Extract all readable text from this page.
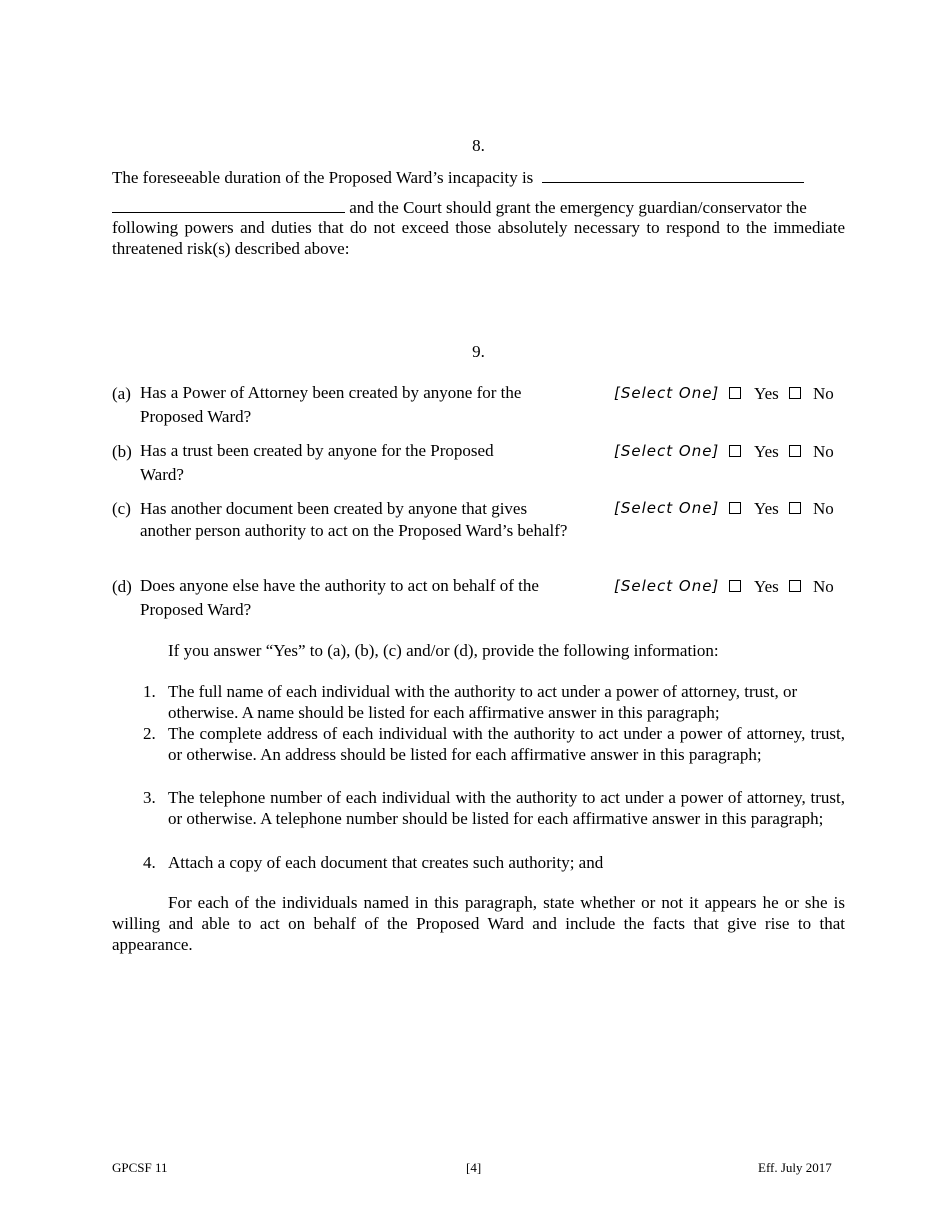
8.
The foreseeable duration of the Proposed Ward’s incapacity is
and the Court should grant the emergency guardian/conservator the
following powers and duties that do not exceed those absolutely necessary to respond to the immediate threatened risk(s) described above:
9.
(a) Has a Power of Attorney been created by anyone for the Proposed Ward?
[Select One] Yes No
(b) Has a trust been created by anyone for the Proposed Ward?
[Select One] Yes No
(c) Has another document been created by anyone that gives another person authority to act on the Proposed Ward’s behalf?
[Select One] Yes No
(d) Does anyone else have the authority to act on behalf of the Proposed Ward?
[Select One] Yes No
If you answer “Yes” to (a), (b), (c) and/or (d), provide the following information:
1. The full name of each individual with the authority to act under a power of attorney, trust, or otherwise. A name should be listed for each affirmative answer in this paragraph;
2. The complete address of each individual with the authority to act under a power of attorney, trust, or otherwise. An address should be listed for each affirmative answer in this paragraph;
3. The telephone number of each individual with the authority to act under a power of attorney, trust, or otherwise. A telephone number should be listed for each affirmative answer in this paragraph;
4. Attach a copy of each document that creates such authority; and
For each of the individuals named in this paragraph, state whether or not it appears he or she is willing and able to act on behalf of the Proposed Ward and include the facts that give rise to that appearance.
GPCSF 11	[4]	Eff. July 2017
